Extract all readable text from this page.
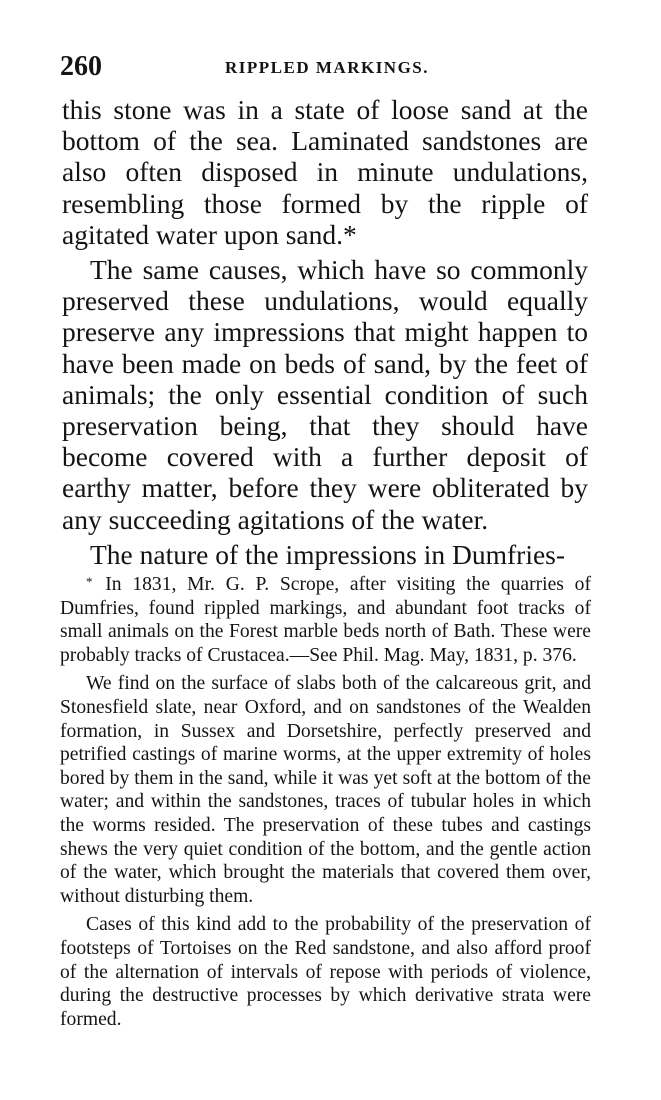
260	RIPPLED MARKINGS.

this stone was in a state of loose sand at the bottom of the sea. Laminated sandstones are also often disposed in minute undulations, resembling those formed by the ripple of agitated water upon sand.*

The same causes, which have so commonly preserved these undulations, would equally preserve any impressions that might happen to have been made on beds of sand, by the feet of animals; the only essential condition of such preservation being, that they should have become covered with a further deposit of earthy matter, before they were obliterated by any succeeding agitations of the water.

The nature of the impressions in Dumfries-

* In 1831, Mr. G. P. Scrope, after visiting the quarries of Dumfries, found rippled markings, and abundant foot tracks of small animals on the Forest marble beds north of Bath. These were probably tracks of Crustacea.—See Phil. Mag. May, 1831, p. 376.

We find on the surface of slabs both of the calcareous grit, and Stonesfield slate, near Oxford, and on sandstones of the Wealden formation, in Sussex and Dorsetshire, perfectly preserved and petrified castings of marine worms, at the upper extremity of holes bored by them in the sand, while it was yet soft at the bottom of the water; and within the sandstones, traces of tubular holes in which the worms resided. The preservation of these tubes and castings shews the very quiet condition of the bottom, and the gentle action of the water, which brought the materials that covered them over, without disturbing them.

Cases of this kind add to the probability of the preservation of footsteps of Tortoises on the Red sandstone, and also afford proof of the alternation of intervals of repose with periods of violence, during the destructive processes by which derivative strata were formed.
